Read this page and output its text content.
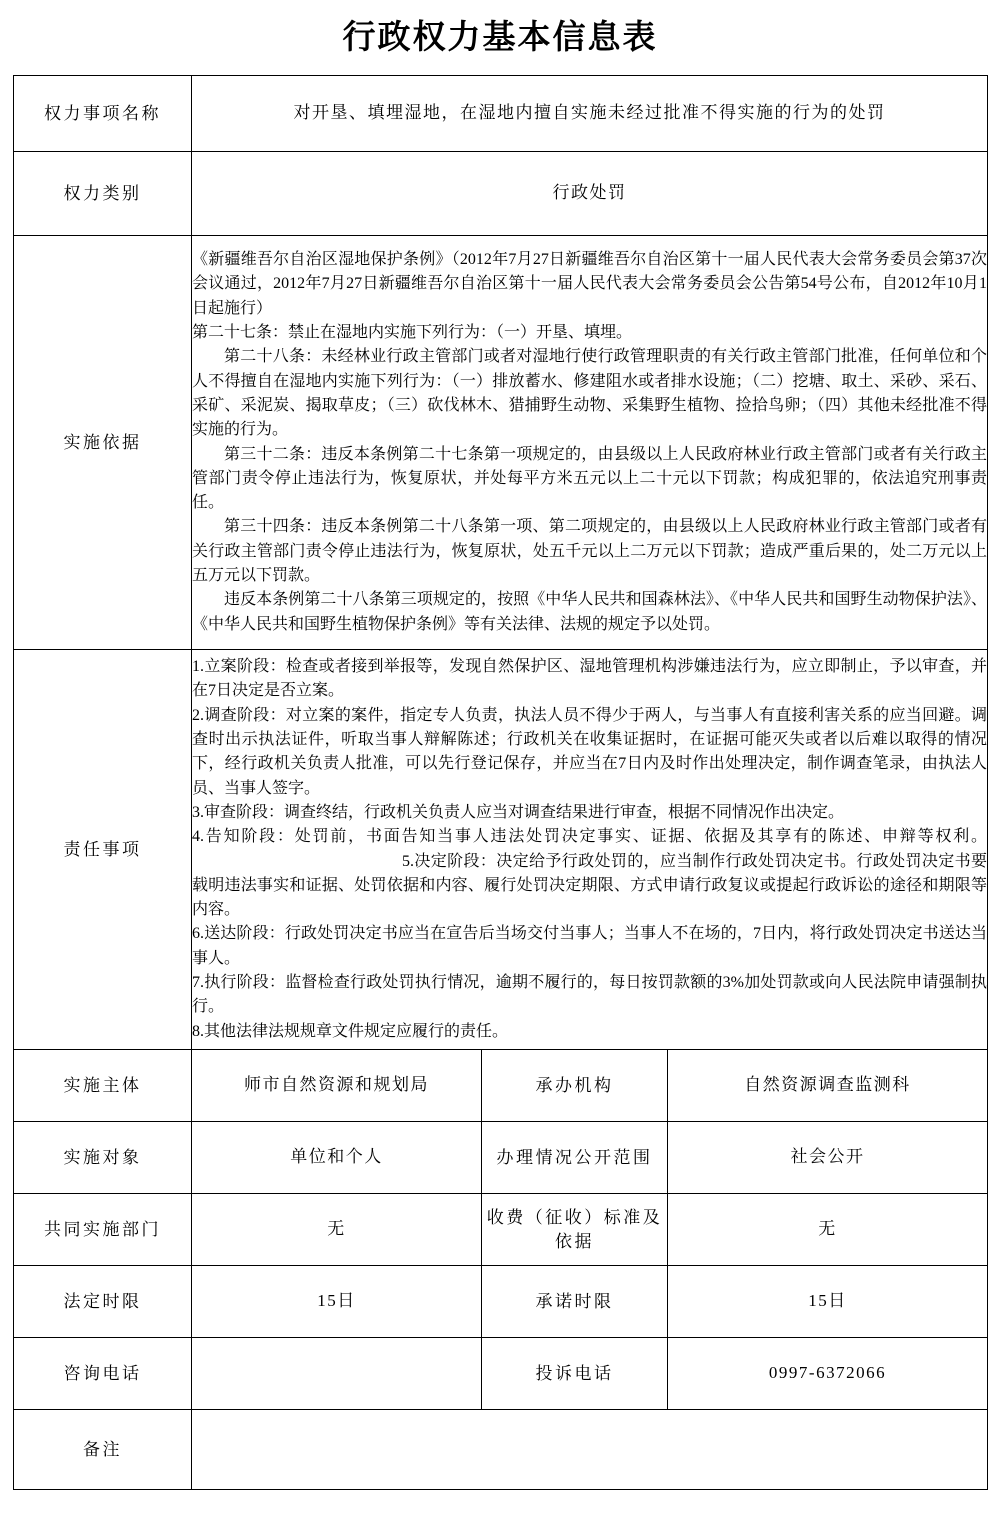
行政权力基本信息表
权力事项名称	对开垦、填埋湿地，在湿地内擅自实施未经过批准不得实施的行为的处罚		
权力类别	行政处罚		
实施依据	

《新疆维吾尔自治区湿地保护条例》（2012年7月27日新疆维吾尔自治区第十一届人民代表大会常务委员会第37次会议通过，2012年7月27日新疆维吾尔自治区第十一届人民代表大会常务委员会公告第54号公布，自2012年10月1日起施行）

第二十七条：禁止在湿地内实施下列行为：（一）开垦、填埋。

第二十八条：未经林业行政主管部门或者对湿地行使行政管理职责的有关行政主管部门批准，任何单位和个人不得擅自在湿地内实施下列行为：（一）排放蓄水、修建阻水或者排水设施；（二）挖塘、取土、采砂、采石、采矿、采泥炭、揭取草皮；（三）砍伐林木、猎捕野生动物、采集野生植物、捡拾鸟卵；（四）其他未经批准不得实施的行为。

第三十二条：违反本条例第二十七条第一项规定的，由县级以上人民政府林业行政主管部门或者有关行政主管部门责令停止违法行为，恢复原状，并处每平方米五元以上二十元以下罚款；构成犯罪的，依法追究刑事责任。

第三十四条：违反本条例第二十八条第一项、第二项规定的，由县级以上人民政府林业行政主管部门或者有关行政主管部门责令停止违法行为，恢复原状，处五千元以上二万元以下罚款；造成严重后果的，处二万元以上五万元以下罚款。

违反本条例第二十八条第三项规定的，按照《中华人民共和国森林法》、《中华人民共和国野生动物保护法》、《中华人民共和国野生植物保护条例》等有关法律、法规的规定予以处罚。

责任事项	

1.立案阶段：检查或者接到举报等，发现自然保护区、湿地管理机构涉嫌违法行为，应立即制止，予以审查，并在7日决定是否立案。

2.调查阶段：对立案的案件，指定专人负责，执法人员不得少于两人，与当事人有直接利害关系的应当回避。调查时出示执法证件，听取当事人辩解陈述；行政机关在收集证据时，在证据可能灭失或者以后难以取得的情况下，经行政机关负责人批准，可以先行登记保存，并应当在7日内及时作出处理决定，制作调查笔录，由执法人员、当事人签字。

3.审查阶段：调查终结，行政机关负责人应当对调查结果进行审查，根据不同情况作出决定。

4.告知阶段：处罚前，书面告知当事人违法处罚决定事实、证据、依据及其享有的陈述、申辩等权利。5.决定阶段：决定给予行政处罚的，应当制作行政处罚决定书。行政处罚决定书要载明违法事实和证据、处罚依据和内容、履行处罚决定期限、方式申请行政复议或提起行政诉讼的途径和期限等内容。

6.送达阶段：行政处罚决定书应当在宣告后当场交付当事人；当事人不在场的，7日内，将行政处罚决定书送达当事人。

7.执行阶段：监督检查行政处罚执行情况，逾期不履行的，每日按罚款额的3%加处罚款或向人民法院申请强制执行。

8.其他法律法规规章文件规定应履行的责任。

实施主体	师市自然资源和规划局	承办机构	自然资源调查监测科
实施对象	单位和个人	办理情况公开范围	社会公开
共同实施部门	无	收费（征收）标准及依据	无
法定时限	15日	承诺时限	15日
咨询电话		投诉电话	0997-6372066
备注			
